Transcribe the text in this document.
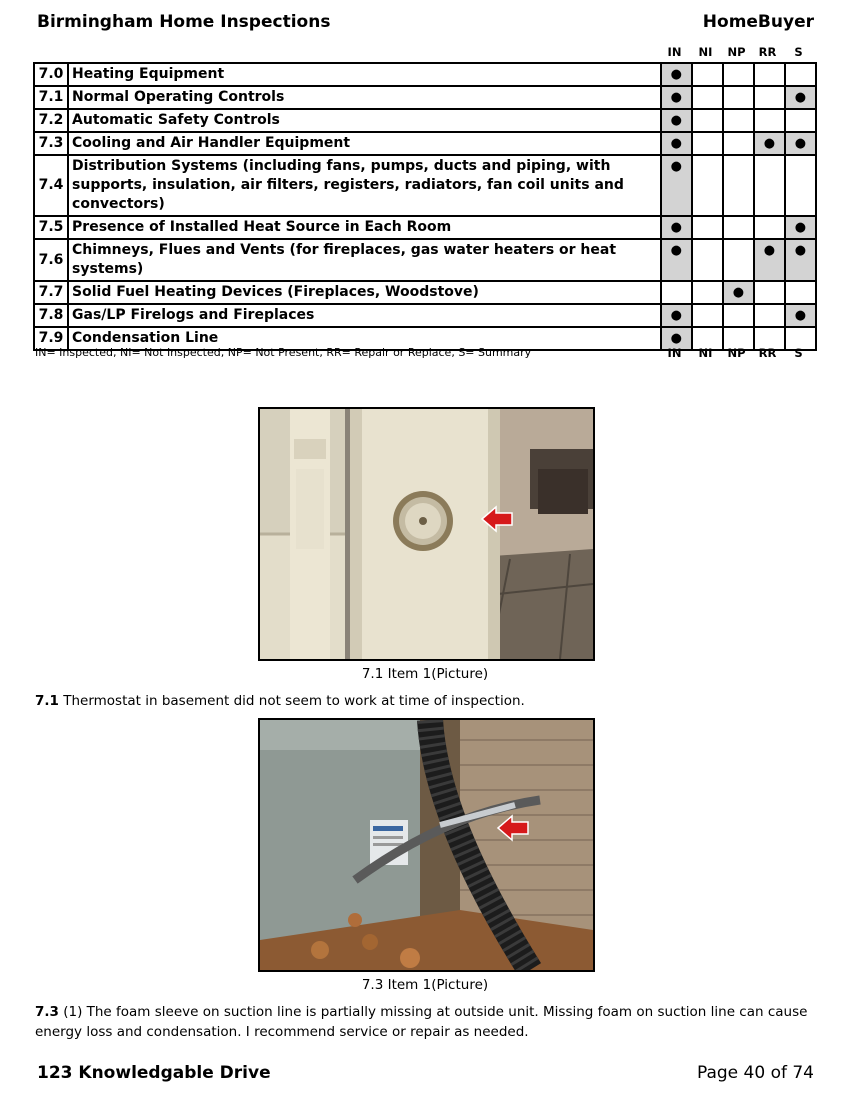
Birmingham Home Inspections	HomeBuyer
IN	NI	NP	RR	S
7.0	Heating Equipment	●				
7.1	Normal Operating Controls	●				●
7.2	Automatic Safety Controls	●				
7.3	Cooling and Air Handler Equipment	●			●	●
7.4	Distribution Systems (including fans, pumps, ducts and piping, with supports, insulation, air filters, registers, radiators, fan coil units and convectors)	●				
7.5	Presence of Installed Heat Source in Each Room	●				●
7.6	Chimneys, Flues and Vents (for fireplaces, gas water heaters or heat systems)	●			●	●
7.7	Solid Fuel Heating Devices (Fireplaces, Woodstove)			●		
7.8	Gas/LP Firelogs and Fireplaces	●				●
7.9	Condensation Line	●				
IN= Inspected, NI= Not Inspected, NP= Not Present, RR= Repair or Replace, S= Summary	IN	NI	NP	RR	S
7.1 Item 1(Picture)
7.1 Thermostat in basement did not seem to work at time of inspection.
7.3 Item 1(Picture)
7.3 (1) The foam sleeve on suction line is partially missing at outside unit. Missing foam on suction line can cause energy loss and condensation. I recommend service or repair as needed.
123 Knowledgable Drive	Page 40 of 74
